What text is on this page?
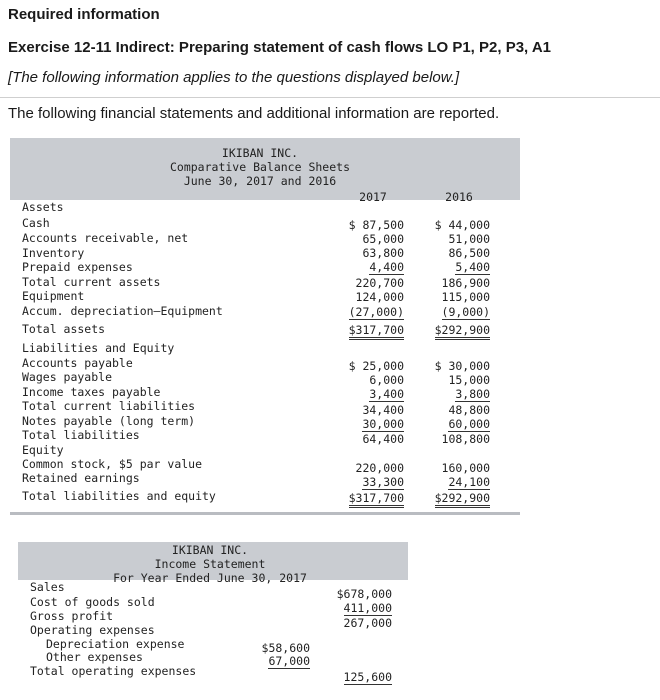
Required information

Exercise 12-11 Indirect: Preparing statement of cash flows LO P1, P2, P3, A1

[The following information applies to the questions displayed below.]

The following financial statements and additional information are reported.

IKIBAN INC.
Comparative Balance Sheets
June 30, 2017 and 2016
2017	2016
Assets
Cash	$ 87,500	$ 44,000
Accounts receivable, net	65,000	51,000
Inventory	63,800	86,500
Prepaid expenses	4,400	5,400
Total current assets	220,700	186,900
Equipment	124,000	115,000
Accum. depreciation—Equipment	(27,000)	(9,000)
Total assets	$317,700	$292,900
Liabilities and Equity
Accounts payable	$ 25,000	$ 30,000
Wages payable	6,000	15,000
Income taxes payable	3,400	3,800
Total current liabilities	34,400	48,800
Notes payable (long term)	30,000	60,000
Total liabilities	64,400	108,800
Equity
Common stock, $5 par value	220,000	160,000
Retained earnings	33,300	24,100
Total liabilities and equity	$317,700	$292,900
IKIBAN INC.
Income Statement
For Year Ended June 30, 2017
Sales	$678,000
Cost of goods sold	411,000
Gross profit	267,000
Operating expenses
Depreciation expense	$58,600
Other expenses	67,000
Total operating expenses	125,600
